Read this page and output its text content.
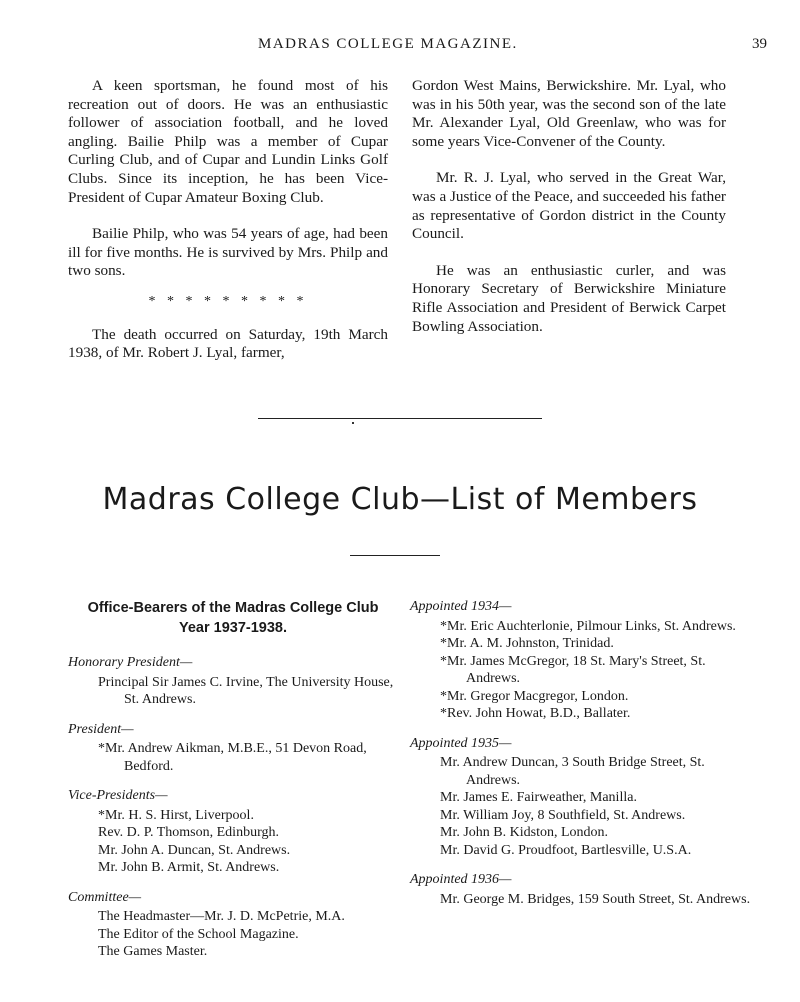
MADRAS COLLEGE MAGAZINE.	39

A keen sportsman, he found most of his recreation out of doors. He was an enthusiastic follower of association football, and he loved angling. Bailie Philp was a member of Cupar Curling Club, and of Cupar and Lundin Links Golf Clubs. Since its inception, he has been Vice-President of Cupar Amateur Boxing Club.

Bailie Philp, who was 54 years of age, had been ill for five months. He is survived by Mrs. Philp and two sons.

* * * * * * * * *

The death occurred on Saturday, 19th March 1938, of Mr. Robert J. Lyal, farmer,

Gordon West Mains, Berwickshire. Mr. Lyal, who was in his 50th year, was the second son of the late Mr. Alexander Lyal, Old Greenlaw, who was for some years Vice-Convener of the County.

Mr. R. J. Lyal, who served in the Great War, was a Justice of the Peace, and succeeded his father as representative of Gordon district in the County Council.

He was an enthusiastic curler, and was Honorary Secretary of Berwickshire Miniature Rifle Association and President of Berwick Carpet Bowling Association.

Madras College Club—List of Members
Office-Bearers of the Madras College Club
Year 1937-1938.
Honorary President—
Principal Sir James C. Irvine, The University House, St. Andrews.
President—
*Mr. Andrew Aikman, M.B.E., 51 Devon Road, Bedford.
Vice-Presidents—
*Mr. H. S. Hirst, Liverpool.
Rev. D. P. Thomson, Edinburgh.
Mr. John A. Duncan, St. Andrews.
Mr. John B. Armit, St. Andrews.
Committee—
The Headmaster—Mr. J. D. McPetrie, M.A.
The Editor of the School Magazine.
The Games Master.
Appointed 1934—
*Mr. Eric Auchterlonie, Pilmour Links, St. Andrews.
*Mr. A. M. Johnston, Trinidad.
*Mr. James McGregor, 18 St. Mary's Street, St. Andrews.
*Mr. Gregor Macgregor, London.
*Rev. John Howat, B.D., Ballater.
Appointed 1935—
Mr. Andrew Duncan, 3 South Bridge Street, St. Andrews.
Mr. James E. Fairweather, Manilla.
Mr. William Joy, 8 Southfield, St. Andrews.
Mr. John B. Kidston, London.
Mr. David G. Proudfoot, Bartlesville, U.S.A.
Appointed 1936—
Mr. George M. Bridges, 159 South Street, St. Andrews.
